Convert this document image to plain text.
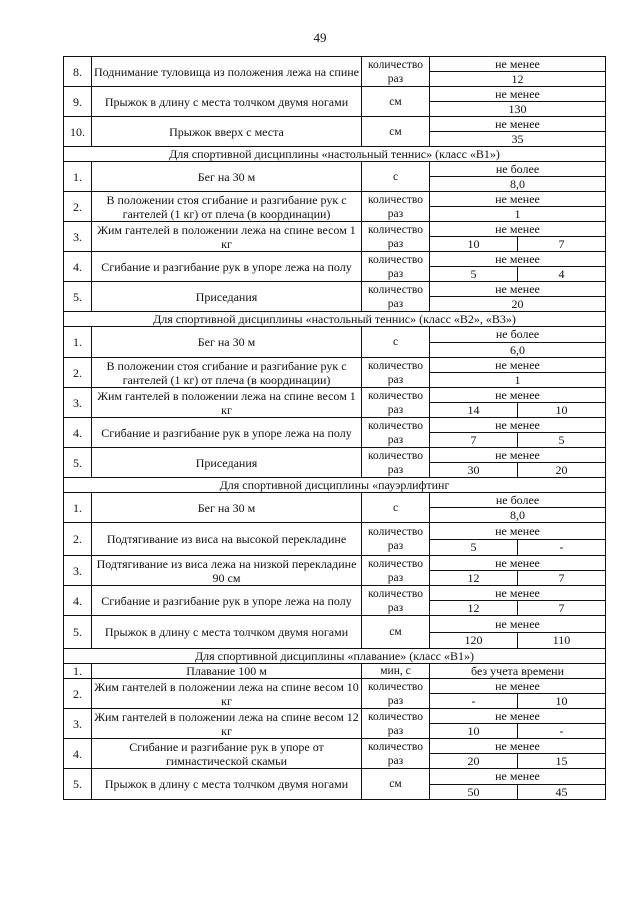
49
8.	Поднимание туловища из положения лежа на спине	количество раз	не менее	
			12	
9.	Прыжок в длину с места толчком двумя ногами	см	не менее	
			130	
10.	Прыжок вверх с места	см	не менее	
			35	
Для спортивной дисциплины «настольный теннис» (класс «В1»)				
1.	Бег на 30 м	с	не более	
			8,0	
2.	В положении стоя сгибание и разгибание рук с гантелей (1 кг) от плеча (в координации)	количество раз	не менее	
			1	
3.	Жим гантелей в положении лежа на спине весом 1 кг	количество раз	не менее	
			10	7
4.	Сгибание и разгибание рук в упоре лежа на полу	количество раз	не менее	
			5	4
5.	Приседания	количество раз	не менее	
			20	
Для спортивной дисциплины «настольный теннис» (класс «В2», «В3»)				
1.	Бег на 30 м	с	не более	
			6,0	
2.	В положении стоя сгибание и разгибание рук с гантелей (1 кг) от плеча (в координации)	количество раз	не менее	
			1	
3.	Жим гантелей в положении лежа на спине весом 1 кг	количество раз	не менее	
			14	10
4.	Сгибание и разгибание рук в упоре лежа на полу	количество раз	не менее	
			7	5
5.	Приседания	количество раз	не менее	
			30	20
Для спортивной дисциплины «пауэрлифтинг				
1.	Бег на 30 м	с	не более	
			8,0	
2.	Подтягивание из виса на высокой перекладине	количество раз	не менее	
			5	-
3.	Подтягивание из виса лежа на низкой перекладине 90 см	количество раз	не менее	
			12	7
4.	Сгибание и разгибание рук в упоре лежа на полу	количество раз	не менее	
			12	7
5.	Прыжок в длину с места толчком двумя ногами	см	не менее	
			120	110
Для спортивной дисциплины «плавание» (класс «В1»)				
1.	Плавание 100 м	мин, с	без учета времени	
2.	Жим гантелей в положении лежа на спине весом 10 кг	количество раз	не менее	
			-	10
3.	Жим гантелей в положении лежа на спине весом 12 кг	количество раз	не менее	
			10	-
4.	Сгибание и разгибание рук в упоре от гимнастической скамьи	количество раз	не менее	
			20	15
5.	Прыжок в длину с места толчком двумя ногами	см	не менее	
			50	45
